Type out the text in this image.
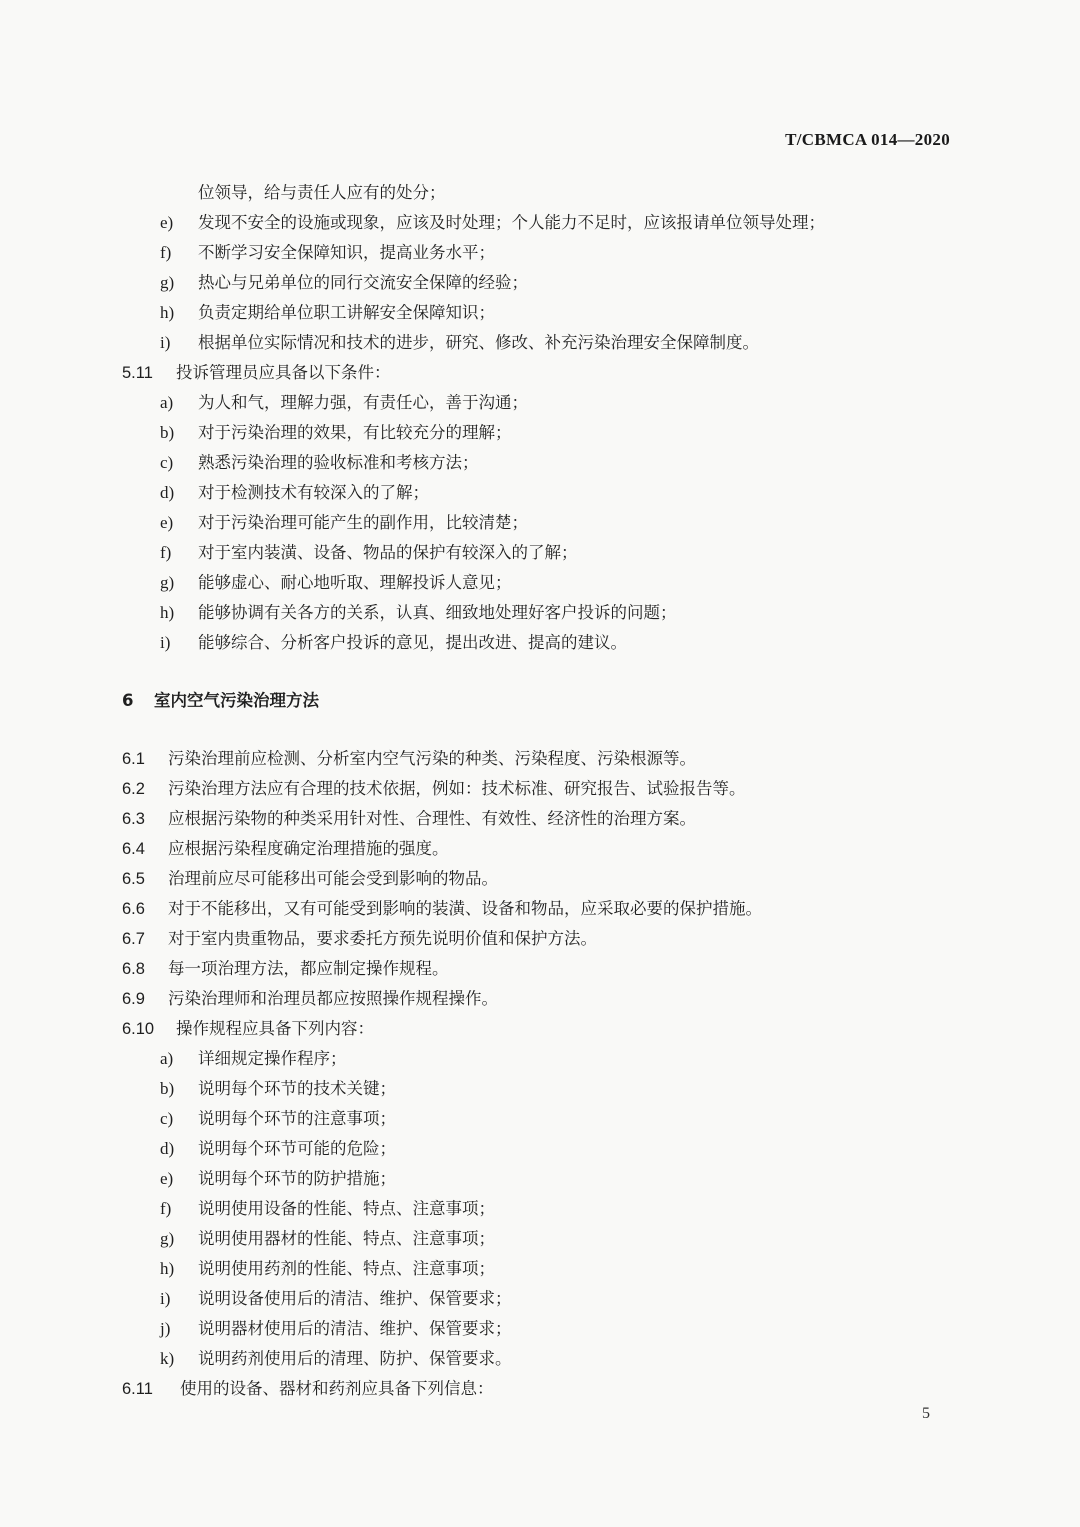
T/CBMCA 014—2020
位领导，给与责任人应有的处分；
e) 发现不安全的设施或现象，应该及时处理；个人能力不足时，应该报请单位领导处理；
f) 不断学习安全保障知识，提高业务水平；
g) 热心与兄弟单位的同行交流安全保障的经验；
h) 负责定期给单位职工讲解安全保障知识；
i) 根据单位实际情况和技术的进步，研究、修改、补充污染治理安全保障制度。
5.11 投诉管理员应具备以下条件：
a) 为人和气，理解力强，有责任心，善于沟通；
b) 对于污染治理的效果，有比较充分的理解；
c) 熟悉污染治理的验收标准和考核方法；
d) 对于检测技术有较深入的了解；
e) 对于污染治理可能产生的副作用，比较清楚；
f) 对于室内装潢、设备、物品的保护有较深入的了解；
g) 能够虚心、耐心地听取、理解投诉人意见；
h) 能够协调有关各方的关系，认真、细致地处理好客户投诉的问题；
i) 能够综合、分析客户投诉的意见，提出改进、提高的建议。
6 室内空气污染治理方法
6.1 污染治理前应检测、分析室内空气污染的种类、污染程度、污染根源等。
6.2 污染治理方法应有合理的技术依据，例如：技术标准、研究报告、试验报告等。
6.3 应根据污染物的种类采用针对性、合理性、有效性、经济性的治理方案。
6.4 应根据污染程度确定治理措施的强度。
6.5 治理前应尽可能移出可能会受到影响的物品。
6.6 对于不能移出，又有可能受到影响的装潢、设备和物品，应采取必要的保护措施。
6.7 对于室内贵重物品，要求委托方预先说明价值和保护方法。
6.8 每一项治理方法，都应制定操作规程。
6.9 污染治理师和治理员都应按照操作规程操作。
6.10 操作规程应具备下列内容：
a) 详细规定操作程序；
b) 说明每个环节的技术关键；
c) 说明每个环节的注意事项；
d) 说明每个环节可能的危险；
e) 说明每个环节的防护措施；
f) 说明使用设备的性能、特点、注意事项；
g) 说明使用器材的性能、特点、注意事项；
h) 说明使用药剂的性能、特点、注意事项；
i) 说明设备使用后的清洁、维护、保管要求；
j) 说明器材使用后的清洁、维护、保管要求；
k) 说明药剂使用后的清理、防护、保管要求。
6.11 使用的设备、器材和药剂应具备下列信息：
5
